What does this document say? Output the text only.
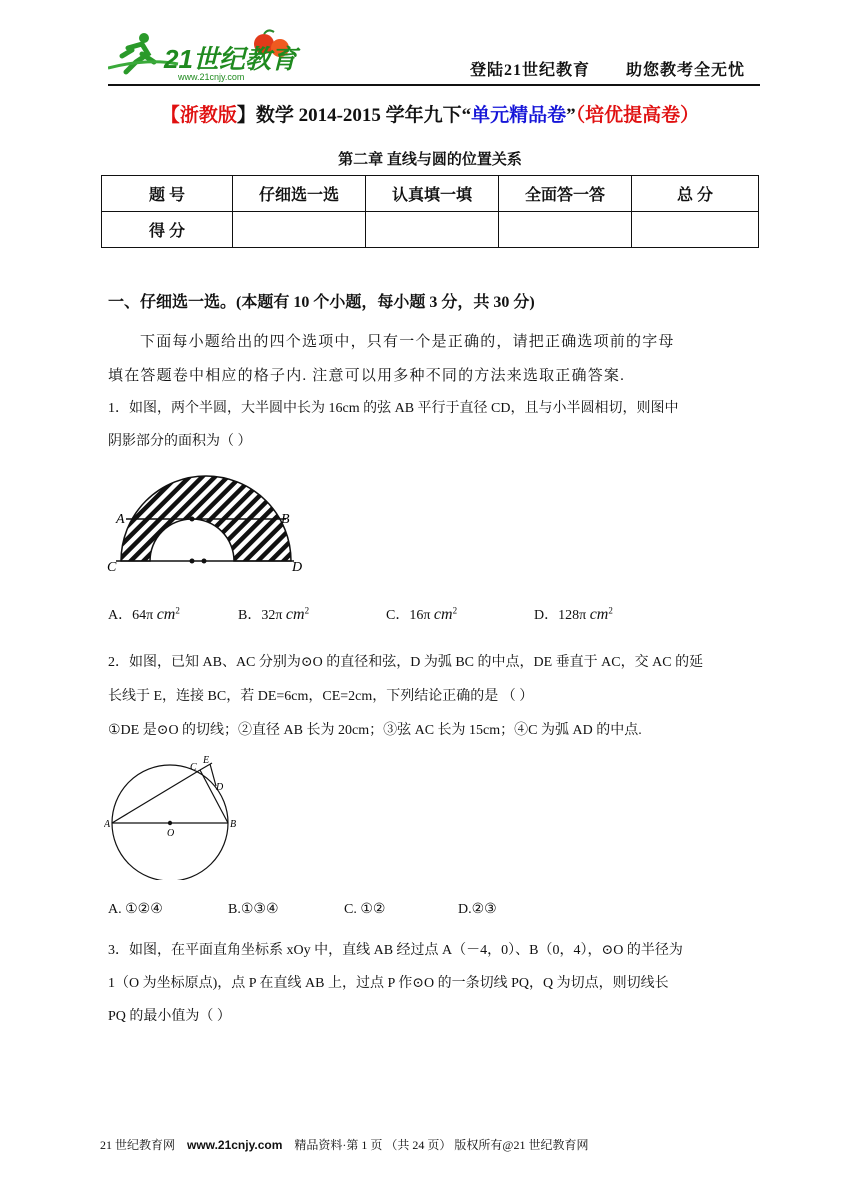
21世纪教育
www.21cnjy.com	登陆21世纪教育 助您教考全无忧
【浙教版】数学 2014-2015 学年九下“单元精品卷”（培优提高卷）
第二章 直线与圆的位置关系
题 号	仔细选一选	认真填一填	全面答一答	总 分
得 分				
一、仔细选一选。(本题有 10 个小题，每小题 3 分，共 30 分)
下面每小题给出的四个选项中，只有一个是正确的，请把正确选项前的字母
填在答题卷中相应的格子内. 注意可以用多种不同的方法来选取正确答案.
1．如图，两个半圆，大半圆中长为 16cm 的弦 AB 平行于直径 CD，且与小半圆相切，则图中
阴影部分的面积为（ ）
A	B
C	D
A．64π $cm^2$	B．32π $cm^2$	C．16π $cm^2$	D．128π $cm^2$
2．如图，已知 AB、AC 分别为⊙O 的直径和弦，D 为弧 BC 的中点，DE 垂直于 AC，交 AC 的延
长线于 E，连接 BC，若 DE=6cm，CE=2cm，下列结论正确的是 （ ）
①DE 是⊙O 的切线；②直径 AB 长为 20cm；③弦 AC 长为 15cm；④C 为弧 AD 的中点.
A	B
C
D
E
O
A. ①②④	B.①③④	C. ①②	D.②③
3．如图，在平面直角坐标系 xOy 中，直线 AB 经过点 A（－4，0）、B（0，4），⊙O 的半径为
1（O 为坐标原点)，点 P 在直线 AB 上，过点 P 作⊙O 的一条切线 PQ，Q 为切点，则切线长
PQ 的最小值为（ ）
21 世纪教育网 www.21cnjy.com 精品资料·第 1 页 （共 24 页） 版权所有@21 世纪教育网
